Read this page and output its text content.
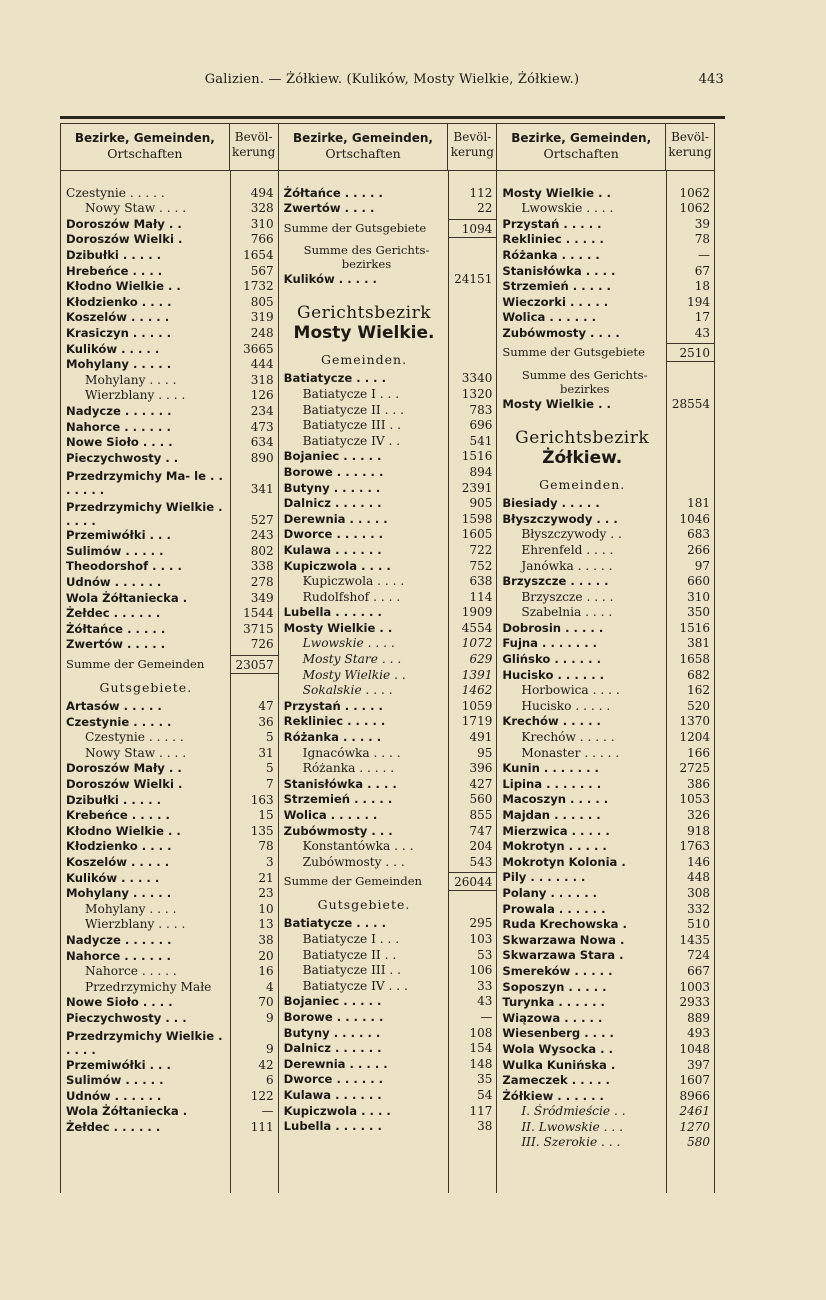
Galizien. — Żółkiew. (Kulików, Mosty Wielkie, Żółkiew.)	443
Bezirke, Gemeinden,
Ortschaften
Bevöl-
kerung
Czestynie . . . . .	494
Nowy Staw . . . .	328
Doroszów Mały . .	310
Doroszów Wielki .	766
Dzibułki . . . . .	1654
Hrebeńce . . . .	567
Kłodno Wielkie . .	1732
Kłodzienko . . . .	805
Koszelów . . . . .	319
Krasiczyn . . . . .	248
Kulików . . . . .	3665
Mohylany . . . . .	444
Mohylany . . . .	318
Wierzblany . . . .	126
Nadycze . . . . . .	234
Nahorce . . . . . .	473
Nowe Sioło . . . .	634
Pieczychwosty . .	890
Przedrzymichy Ma- le . . . . . . .	341
Przedrzymichy Wielkie . . . . .	527
Przemiwółki . . .	243
Sulimów . . . . .	802
Theodorshof . . . .	338
Udnów . . . . . .	278
Wola Żółtaniecka .	349
Żełdec . . . . . .	1544
Żółtańce . . . . .	3715
Zwertów . . . . .	726
Summe der Gemeinden	23057
Gutsgebiete.
Artasów . . . . .	47
Czestynie . . . . .	36
Czestynie . . . . .	5
Nowy Staw . . . .	31
Doroszów Mały . .	5
Doroszów Wielki .	7
Dzibułki . . . . .	163
Krebeńce . . . . .	15
Kłodno Wielkie . .	135
Kłodzienko . . . .	78
Koszelów . . . . .	3
Kulików . . . . .	21
Mohylany . . . . .	23
Mohylany . . . .	10
Wierzblany . . . .	13
Nadycze . . . . . .	38
Nahorce . . . . . .	20
Nahorce . . . . .	16
Przedrzymichy Małe	4
Nowe Sioło . . . .	70
Pieczychwosty . . .	9
Przedrzymichy Wielkie . . . . .	9
Przemiwółki . . .	42
Sulimów . . . . .	6
Udnów . . . . . .	122
Wola Żółtaniecka .	—
Żełdec . . . . . .	111
Bezirke, Gemeinden,
Ortschaften
Bevöl-
kerung
Żółtańce . . . . .	112
Zwertów . . . .	22
Summe der Gutsgebiete	1094
Summe des Gerichts- bezirkes
Kulików . . . . .	24151
Gerichtsbezirk
Mosty Wielkie.
Gemeinden.
Batiatycze . . . .	3340
Batiatycze I . . .	1320
Batiatycze II . . .	783
Batiatycze III . .	696
Batiatycze IV . .	541
Bojaniec . . . . .	1516
Borowe . . . . . .	894
Butyny . . . . . .	2391
Dalnicz . . . . . .	905
Derewnia . . . . .	1598
Dworce . . . . . .	1605
Kulawa . . . . . .	722
Kupiczwola . . . .	752
Kupiczwola . . . .	638
Rudolfshof . . . .	114
Lubella . . . . . .	1909
Mosty Wielkie . .	4554
Lwowskie . . . .	1072
Mosty Stare . . .	629
Mosty Wielkie . .	1391
Sokalskie . . . .	1462
Przystań . . . . .	1059
Rekliniec . . . . .	1719
Różanka . . . . .	491
Ignacówka . . . .	95
Różanka . . . . .	396
Stanisłówka . . . .	427
Strzemień . . . . .	560
Wolica . . . . . .	855
Zubówmosty . . .	747
Konstantówka . . .	204
Zubówmosty . . .	543
Summe der Gemeinden	26044
Gutsgebiete.
Batiatycze . . . .	295
Batiatycze I . . .	103
Batiatycze II . .	53
Batiatycze III . .	106
Batiatycze IV . . .	33
Bojaniec . . . . .	43
Borowe . . . . . .	—
Butyny . . . . . .	108
Dalnicz . . . . . .	154
Derewnia . . . . .	148
Dworce . . . . . .	35
Kulawa . . . . . .	54
Kupiczwola . . . .	117
Lubella . . . . . .	38
Bezirke, Gemeinden,
Ortschaften
Bevöl-
kerung
Mosty Wielkie . .	1062
Lwowskie . . . .	1062
Przystań . . . . .	39
Rekliniec . . . . .	78
Różanka . . . . .	—
Stanisłówka . . . .	67
Strzemień . . . . .	18
Wieczorki . . . . .	194
Wolica . . . . . .	17
Zubówmosty . . . .	43
Summe der Gutsgebiete	2510
Summe des Gerichts- bezirkes
Mosty Wielkie . .	28554
Gerichtsbezirk
Żółkiew.
Gemeinden.
Biesiady . . . . .	181
Błyszczywody . . .	1046
Błyszczywody . .	683
Ehrenfeld . . . .	266
Janówka . . . . .	97
Brzyszcze . . . . .	660
Brzyszcze . . . .	310
Szabelnia . . . .	350
Dobrosin . . . . .	1516
Fujna . . . . . . .	381
Glińsko . . . . . .	1658
Hucisko . . . . . .	682
Horbowica . . . .	162
Hucisko . . . . .	520
Krechów . . . . .	1370
Krechów . . . . .	1204
Monaster . . . . .	166
Kunin . . . . . . .	2725
Lipina . . . . . . .	386
Macoszyn . . . . .	1053
Majdan . . . . . .	326
Mierzwica . . . . .	918
Mokrotyn . . . . .	1763
Mokrotyn Kolonia .	146
Pily . . . . . . .	448
Polany . . . . . .	308
Prowala . . . . . .	332
Ruda Krechowska .	510
Skwarzawa Nowa .	1435
Skwarzawa Stara .	724
Smereków . . . . .	667
Soposzyn . . . . .	1003
Turynka . . . . . .	2933
Wiązowa . . . . .	889
Wiesenberg . . . .	493
Wola Wysocka . .	1048
Wulka Kunińska .	397
Zameczek . . . . .	1607
Żółkiew . . . . . .	8966
I. Śródmieście . .	2461
II. Lwowskie . . .	1270
III. Szerokie . . .	580
